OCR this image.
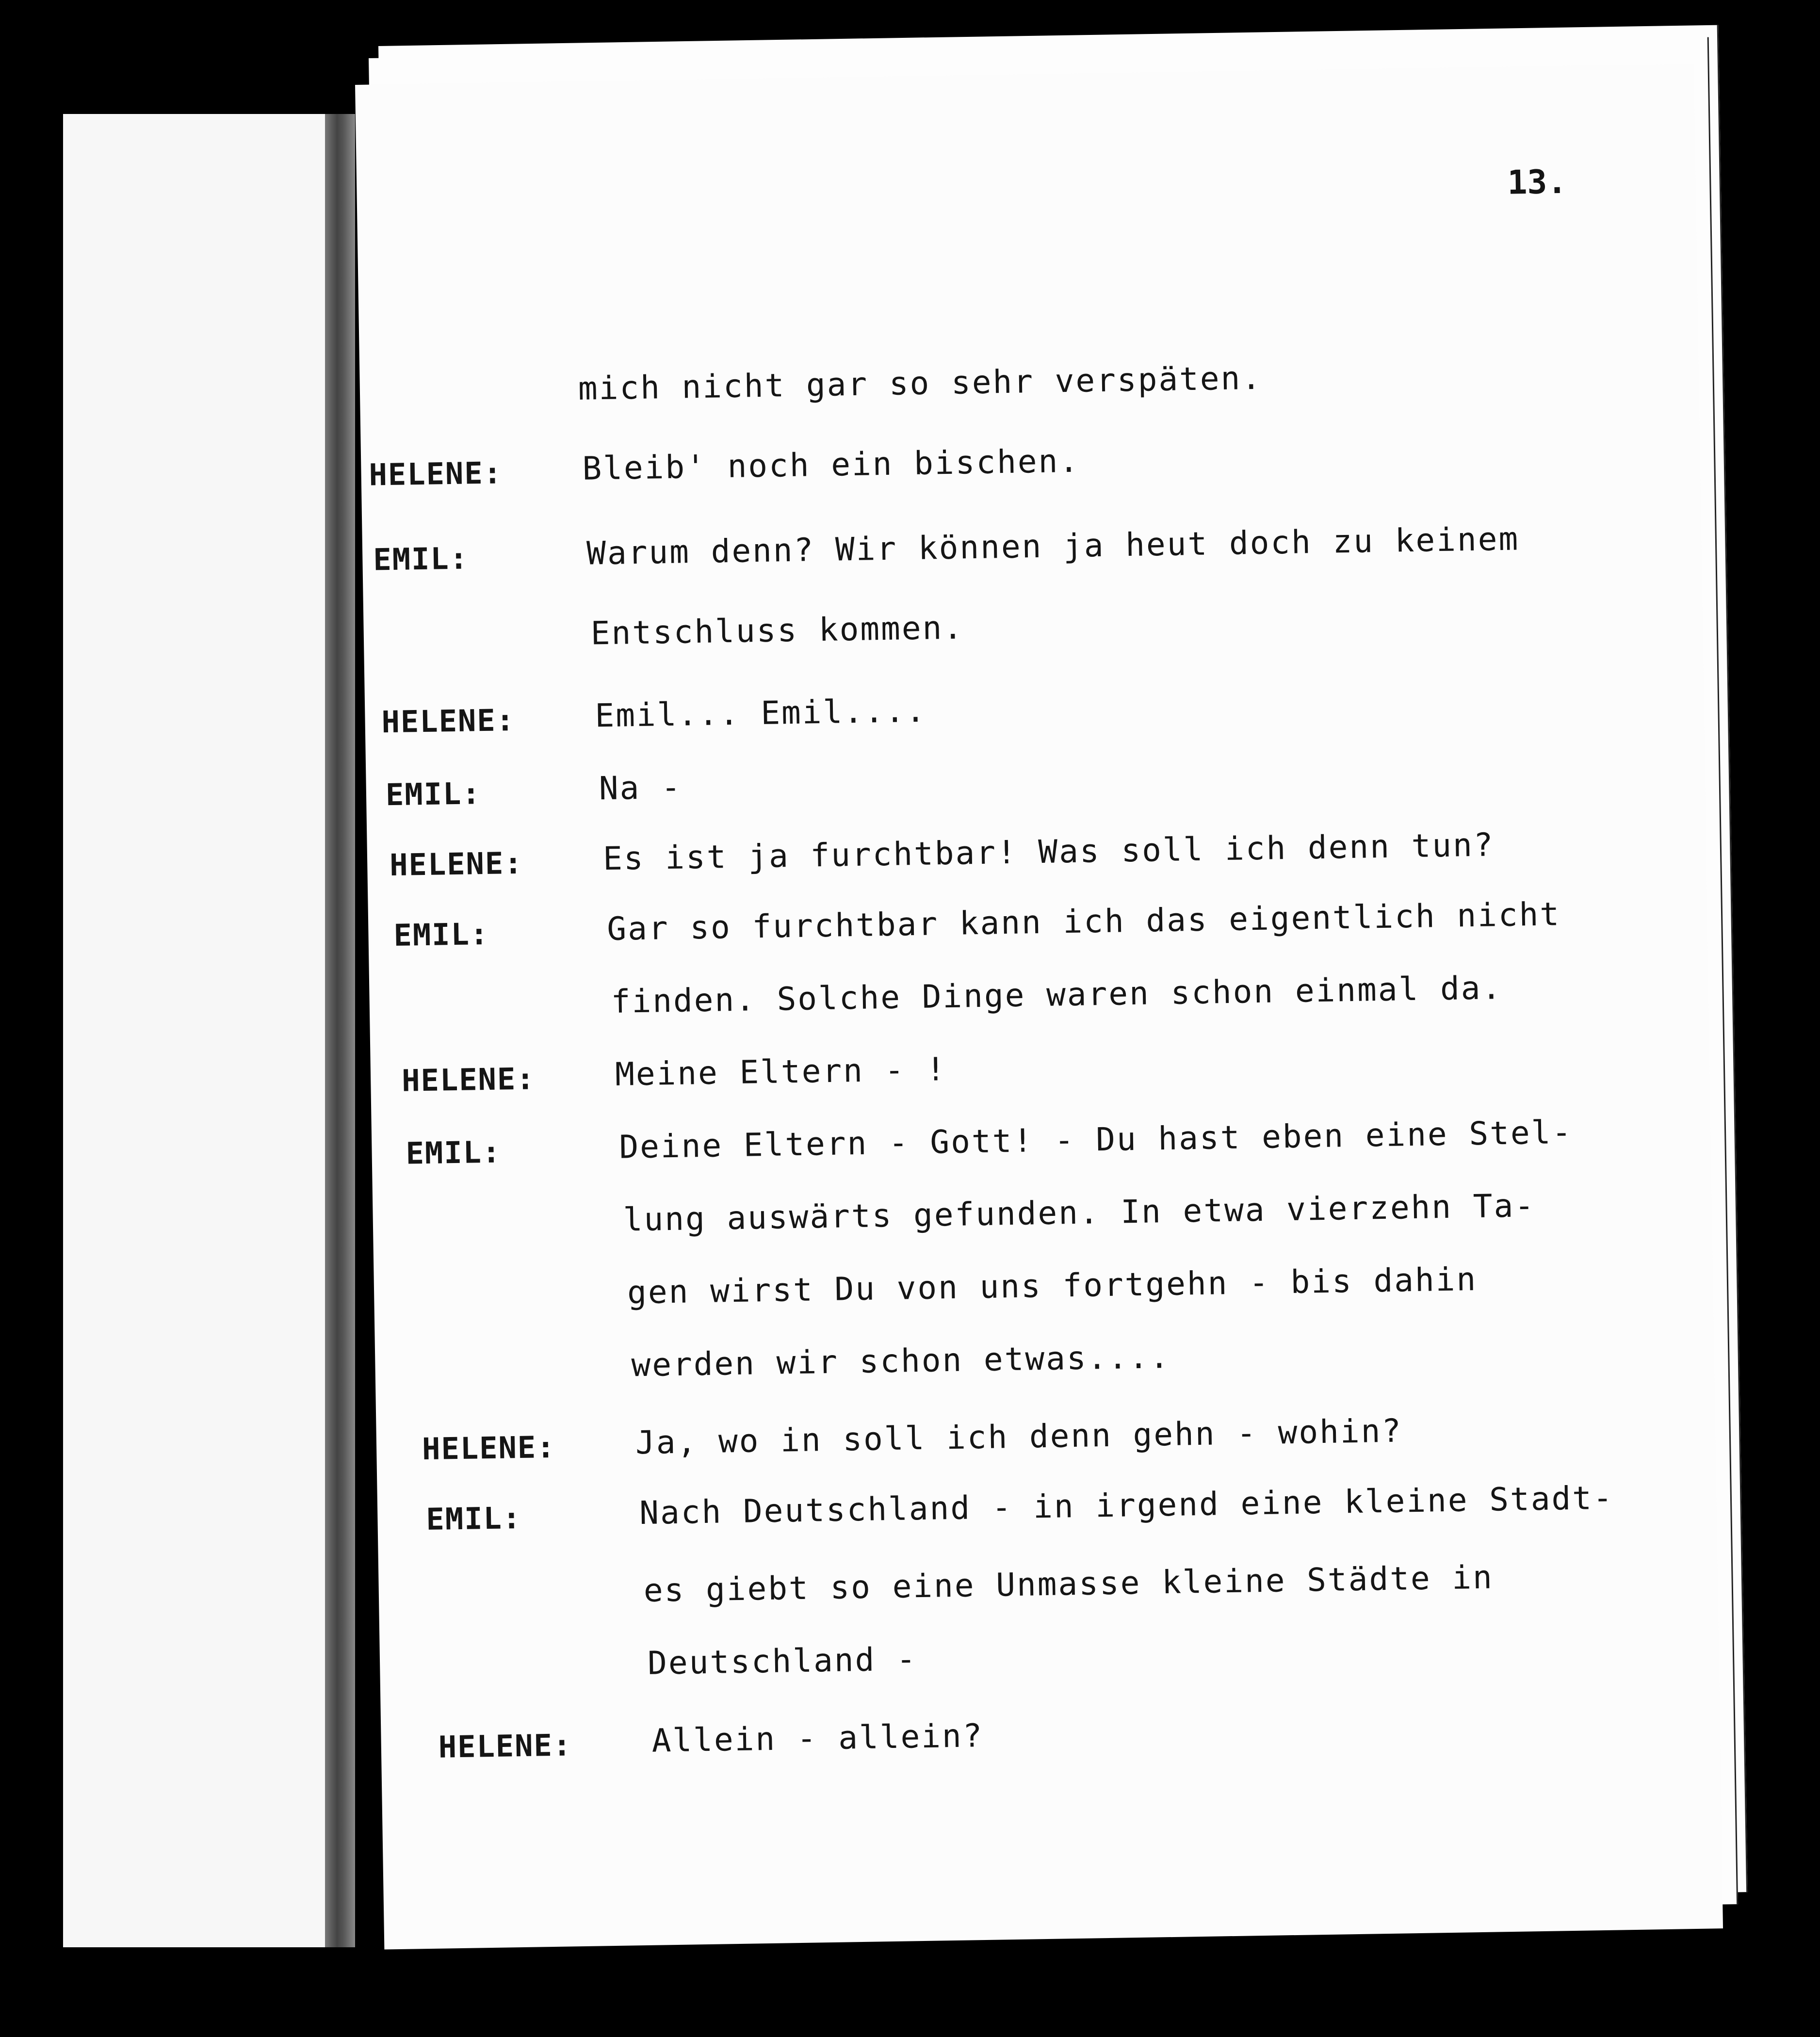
13.
mich nicht gar so sehr verspäten.
HELENE: Bleib' noch ein bischen.
EMIL:	Warum denn? Wir können ja heut doch zu keinem
Entschluss kommen.
HELENE: Emil... Emil....
EMIL:	Na -
HELENE: Es ist ja furchtbar! Was soll ich denn tun?
EMIL:	Gar so furchtbar kann ich das eigentlich nicht
finden. Solche Dinge waren schon einmal da.
HELENE: Meine Eltern - !
EMIL:	Deine Eltern - Gott! - Du hast eben eine Stel-
lung auswärts gefunden. In etwa vierzehn Ta-
gen wirst Du von uns fortgehn - bis dahin
werden wir schon etwas....
HELENE: Ja, wo in soll ich denn gehn - wohin?
EMIL:	Nach Deutschland - in irgend eine kleine Stadt-
es giebt so eine Unmasse kleine Städte in
Deutschland -
HELENE: Allein - allein?
